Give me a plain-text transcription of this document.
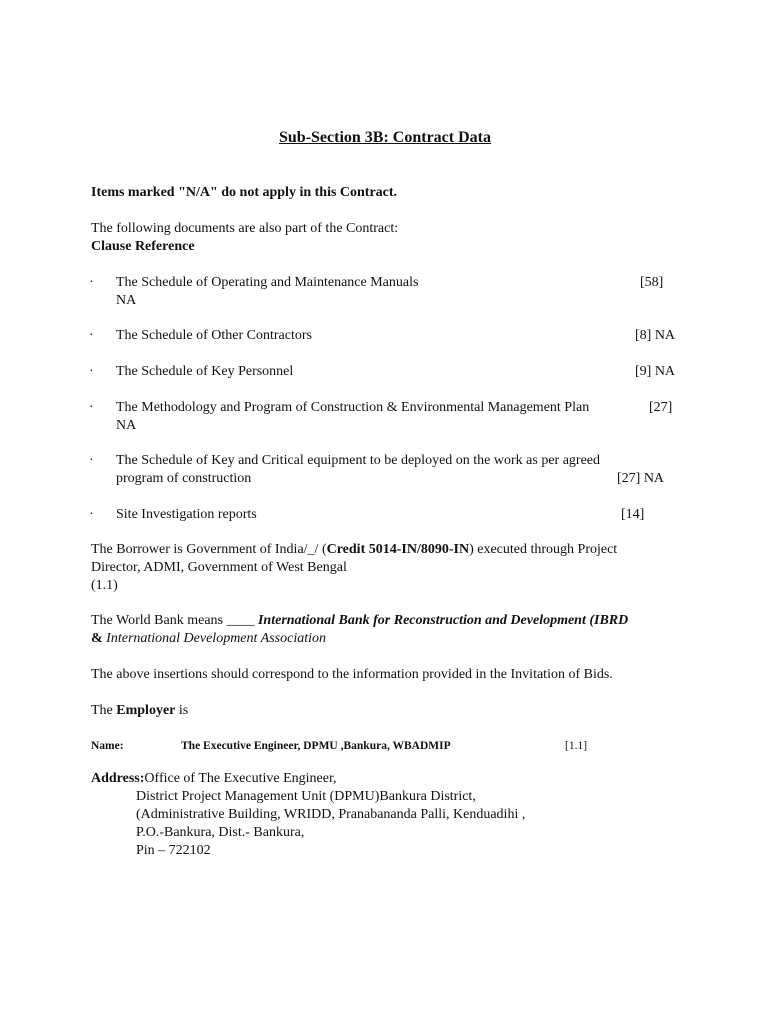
Sub-Section 3B: Contract Data
Items marked "N/A" do not apply in this Contract.
The following documents are also part of the Contract:
Clause Reference
· The Schedule of Operating and Maintenance Manuals	[58]
NA
· The Schedule of Other Contractors	[8] NA
· The Schedule of Key Personnel	[9] NA
· The Methodology and Program of Construction & Environmental Management Plan	[27]
NA
· The Schedule of Key and Critical equipment to be deployed on the work as per agreed
program of construction	[27] NA
· Site Investigation reports	[14]
The Borrower is Government of India/_/ (Credit 5014-IN/8090-IN) executed through Project
Director, ADMI, Government of West Bengal
(1.1)
The World Bank means ____ International Bank for Reconstruction and Development (IBRD
& International Development Association
The above insertions should correspond to the information provided in the Invitation of Bids.
The Employer is
Name:	The Executive Engineer, DPMU ,Bankura, WBADMIP	[1.1]
Address:Office of The Executive Engineer,
District Project Management Unit (DPMU)Bankura District,
(Administrative Building, WRIDD, Pranabananda Palli, Kenduadihi ,
P.O.-Bankura, Dist.- Bankura,
Pin – 722102
